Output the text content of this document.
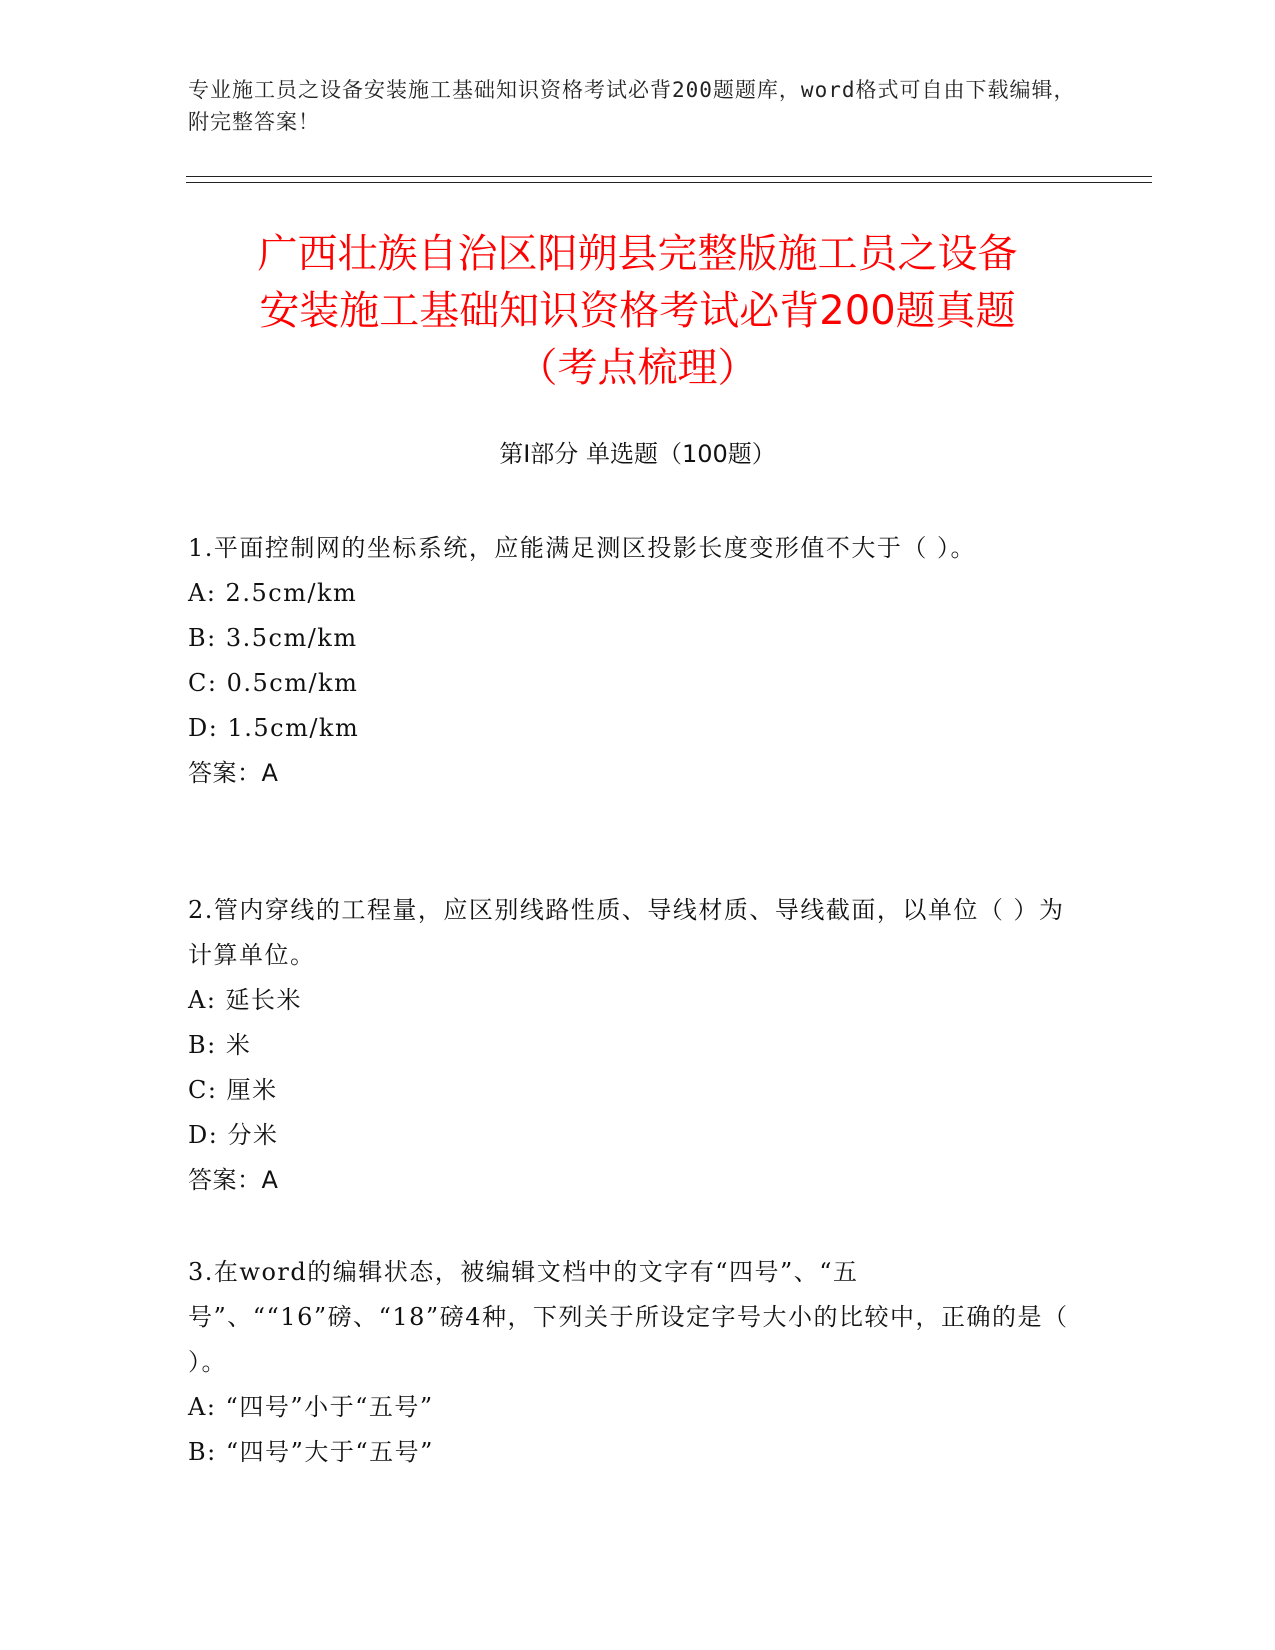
专业施工员之设备安装施工基础知识资格考试必背200题题库，word格式可自由下载编辑，附完整答案！
广西壮族自治区阳朔县完整版施工员之设备
安装施工基础知识资格考试必背200题真题
（考点梳理）
第Ⅰ部分 单选题（100题）
1.平面控制网的坐标系统，应能满足测区投影长度变形值不大于（ ）。
A: 2.5cm/km
B: 3.5cm/km
C: 0.5cm/km
D: 1.5cm/km
答案：A
2.管内穿线的工程量，应区别线路性质、导线材质、导线截面，以单位（ ）为计算单位。
A: 延长米
B: 米
C: 厘米
D: 分米
答案：A
3.在word的编辑状态，被编辑文档中的文字有“四号”、“五号”、““16”磅、“18”磅4种，下列关于所设定字号大小的比较中，正确的是（ ）。
A: “四号”小于“五号”
B: “四号”大于“五号”
